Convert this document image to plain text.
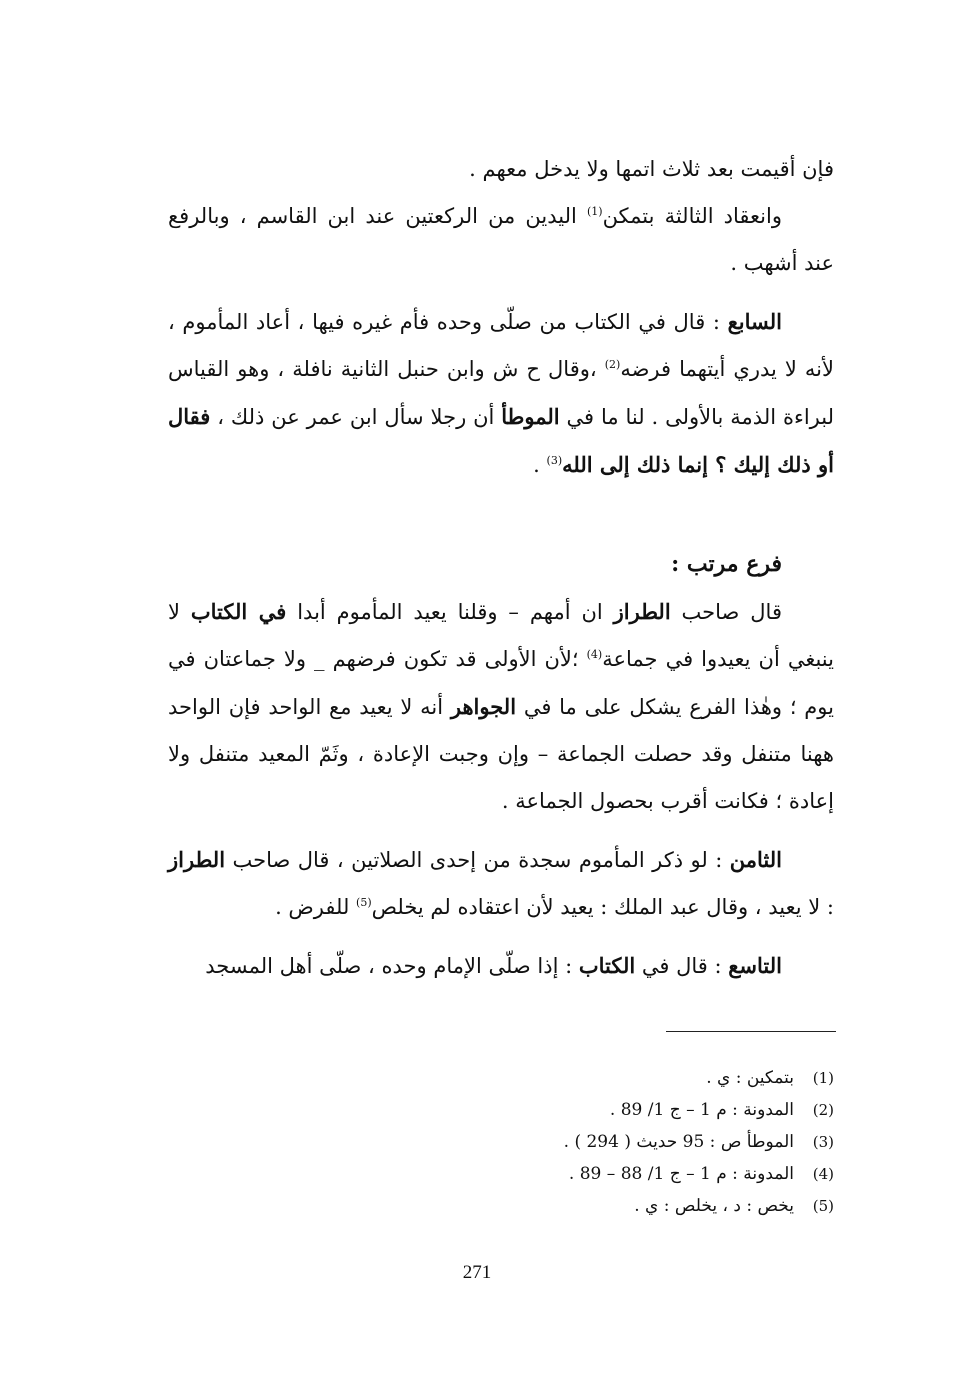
فإن أقيمت بعد ثلاث اتمها ولا يدخل معهم .

وانعقاد الثالثة بتمكن$^{(1)}$ اليدين من الركعتين عند ابن القاسم ، وبالرفع عند أشهب .

السابع : قال في الكتاب من صلّى وحده فأم غيره فيها ، أعاد المأموم ، لأنه لا يدري أيتهما فرضه$^{(2)}$ ،وقال ح ش وابن حنبل الثانية نافلة ، وهو القياس لبراءة الذمة بالأولى . لنا ما في الموطأ أن رجلا سأل ابن عمر عن ذلك ، فقال أو ذلك إليك ؟ إنما ذلك إلى الله$^{(3)}$ .

فرع مرتب :

قال صاحب الطراز ان أمهم – وقلنا يعيد المأموم أبدا في الكتاب لا ينبغي أن يعيدوا في جماعة$^{(4)}$ ؛لأن الأولى قد تكون فرضهم _ ولا جماعتان في يوم ؛ وهٰذا الفرع يشكل على ما في الجواهر أنه لا يعيد مع الواحد فإن الواحد ههنا متنفل وقد حصلت الجماعة – وإن وجبت الإعادة ، وثَمّ المعيد متنفل ولا إعادة ؛ فكانت أقرب بحصول الجماعة .

الثامن : لو ذكر المأموم سجدة من إحدى الصلاتين ، قال صاحب الطراز : لا يعيد ، وقال عبد الملك : يعيد لأن اعتقاده لم يخلص$^{(5)}$ للفرض .

التاسع : قال في الكتاب : إذا صلّى الإمام وحده ، صلّى أهل المسجد

(1)بتمكين : ي .
(2)المدونة : م 1 – ج 1/ 89 .
(3)الموطأ ص : 95 حديث ( 294 ) .
(4)المدونة : م 1 – ج 1/ 88 – 89 .
(5)يخص : د ، يخلص : ي .
271
